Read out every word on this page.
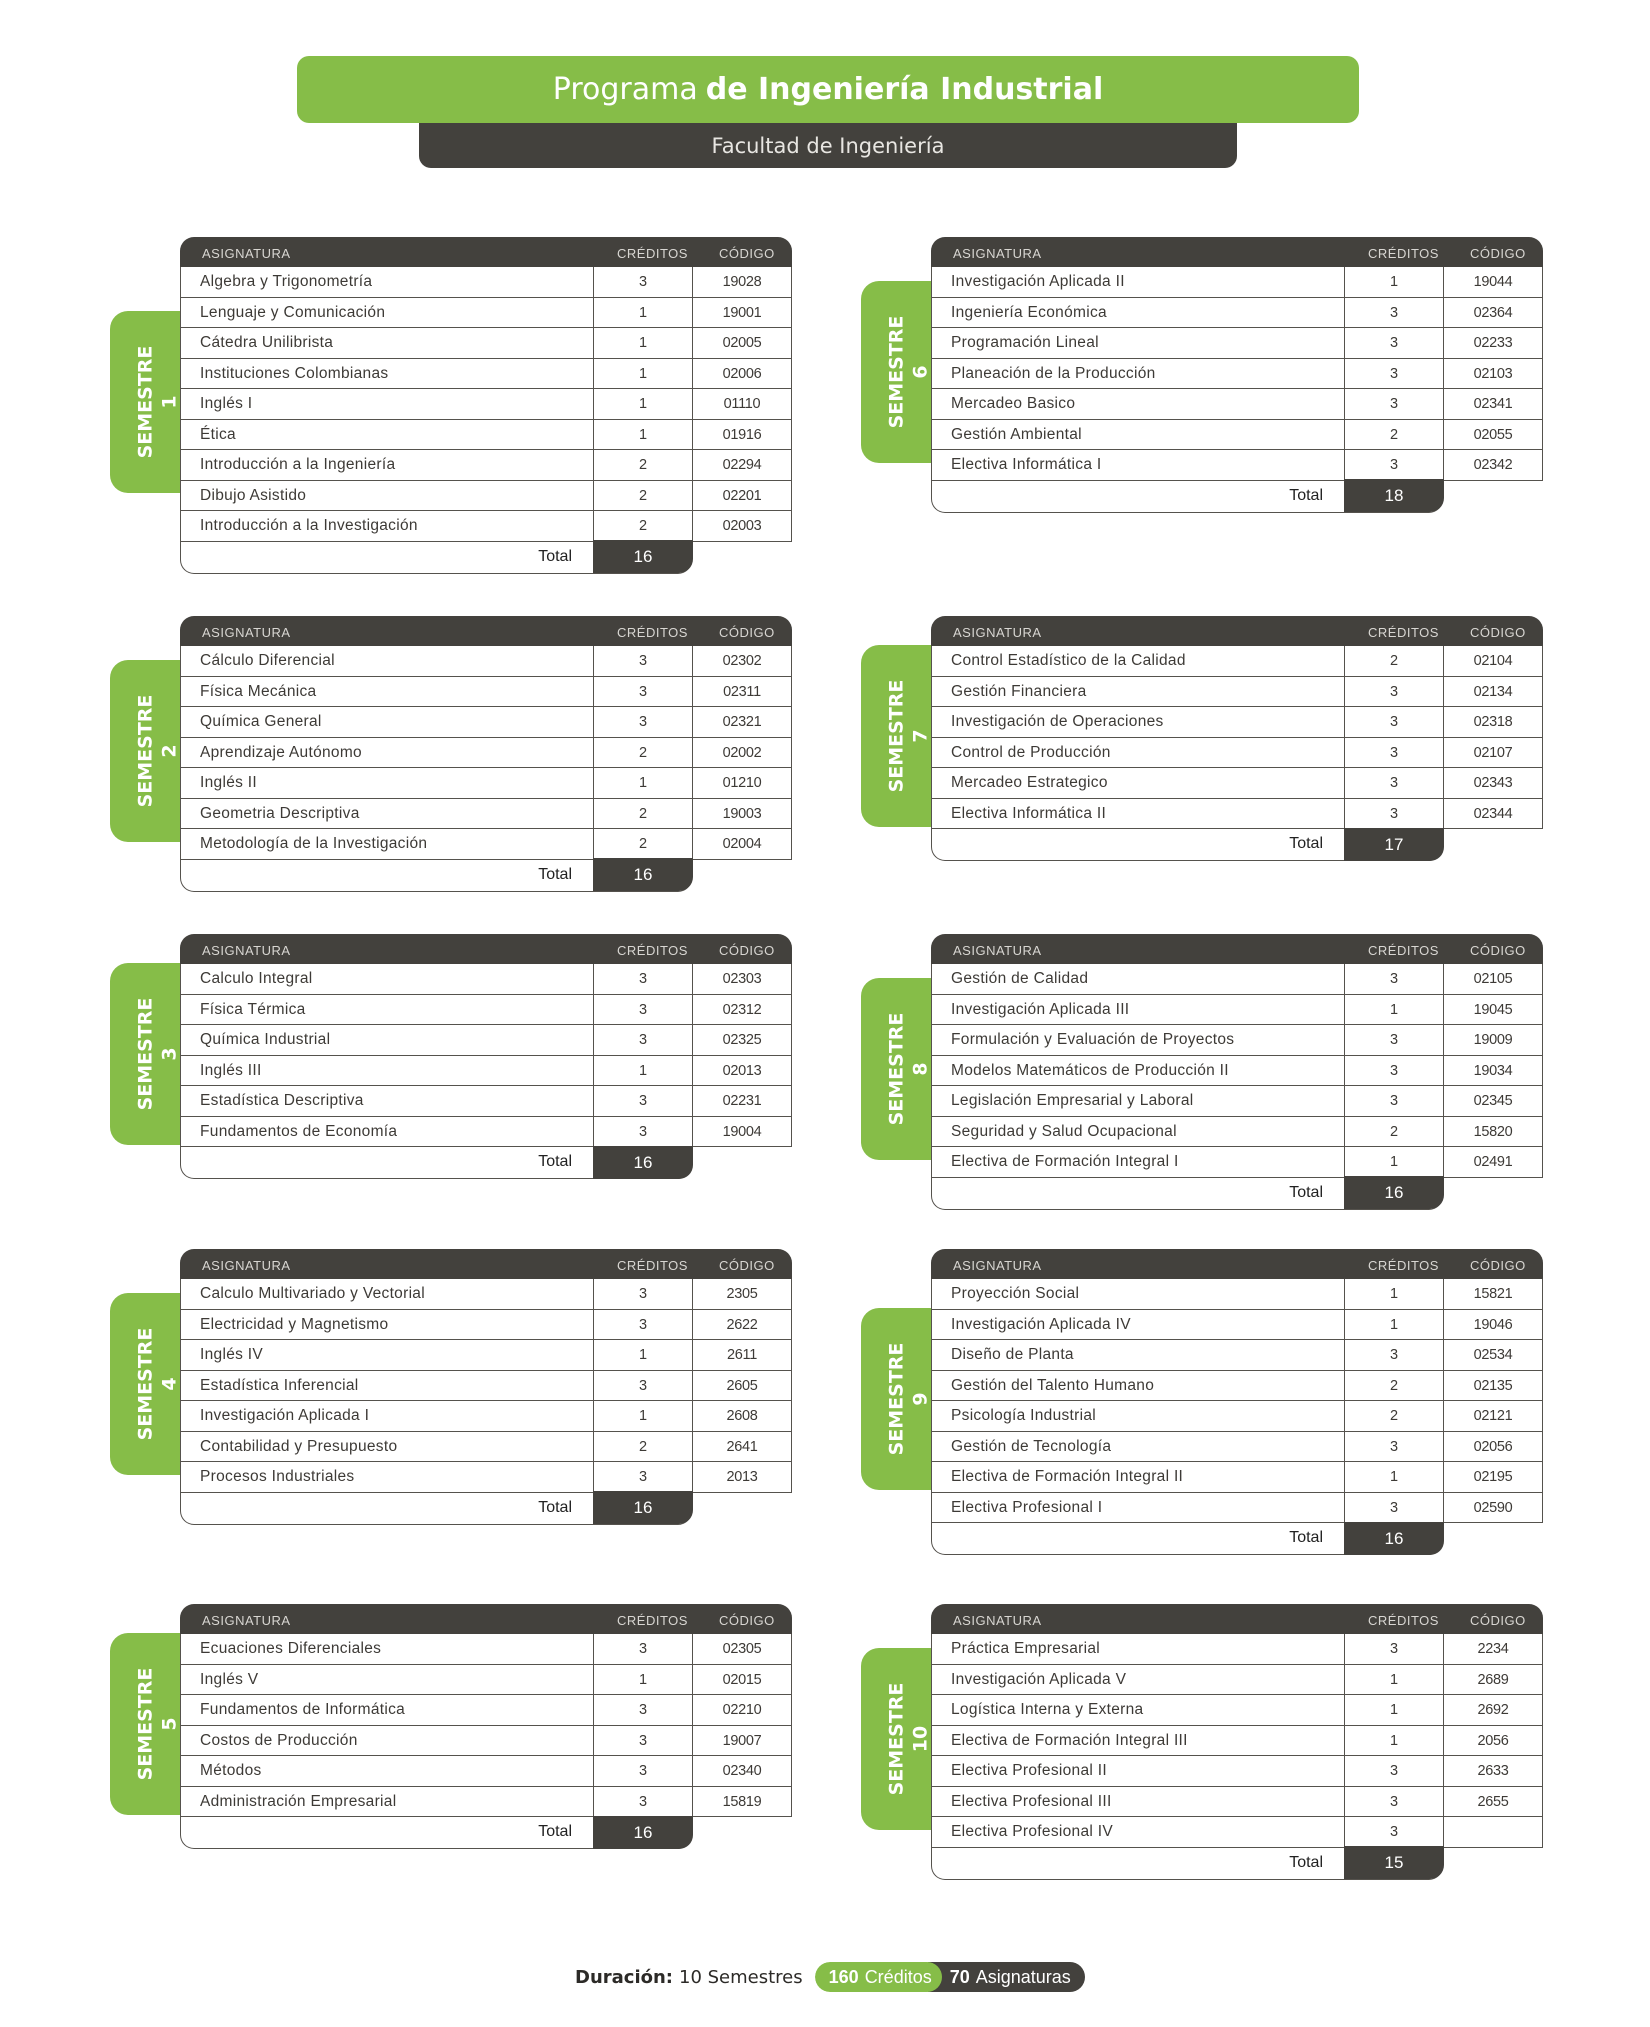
Programa de Ingeniería Industrial
Facultad de Ingeniería
SEMESTRE 1
ASIGNATURA	CRÉDITOS CÓDIGO
Algebra y Trigonometría	3	19028
Lenguaje y Comunicación	1	19001
Cátedra Unilibrista	1	02005
Instituciones Colombianas	1	02006
Inglés I	1	01110
Ética	1	01916
Introducción a la Ingeniería	2	02294
Dibujo Asistido	2	02201
Introducción a la Investigación	2	02003
Total	16
SEMESTRE 2
ASIGNATURA	CRÉDITOS CÓDIGO
Cálculo Diferencial	3	02302
Física Mecánica	3	02311
Química General	3	02321
Aprendizaje Autónomo	2	02002
Inglés II	1	01210
Geometria Descriptiva	2	19003
Metodología de la Investigación	2	02004
Total	16
SEMESTRE 3
ASIGNATURA	CRÉDITOS CÓDIGO
Calculo Integral	3	02303
Física Térmica	3	02312
Química Industrial	3	02325
Inglés III	1	02013
Estadística Descriptiva	3	02231
Fundamentos de Economía	3	19004
Total	16
SEMESTRE 4
ASIGNATURA	CRÉDITOS CÓDIGO
Calculo Multivariado y Vectorial	3	2305
Electricidad y Magnetismo	3	2622
Inglés IV	1	2611
Estadística Inferencial	3	2605
Investigación Aplicada I	1	2608
Contabilidad y Presupuesto	2	2641
Procesos Industriales	3	2013
Total	16
SEMESTRE 5
ASIGNATURA	CRÉDITOS CÓDIGO
Ecuaciones Diferenciales	3	02305
Inglés V	1	02015
Fundamentos de Informática	3	02210
Costos de Producción	3	19007
Métodos	3	02340
Administración Empresarial	3	15819
Total	16
SEMESTRE 6
ASIGNATURA	CRÉDITOS CÓDIGO
Investigación Aplicada II	1	19044
Ingeniería Económica	3	02364
Programación Lineal	3	02233
Planeación de la Producción	3	02103
Mercadeo Basico	3	02341
Gestión Ambiental	2	02055
Electiva Informática I	3	02342
Total	18
SEMESTRE 7
ASIGNATURA	CRÉDITOS CÓDIGO
Control Estadístico de la Calidad	2	02104
Gestión Financiera	3	02134
Investigación de Operaciones	3	02318
Control de Producción	3	02107
Mercadeo Estrategico	3	02343
Electiva Informática II	3	02344
Total	17
SEMESTRE 8
ASIGNATURA	CRÉDITOS CÓDIGO
Gestión de Calidad	3	02105
Investigación Aplicada III	1	19045
Formulación y Evaluación de Proyectos	3	19009
Modelos Matemáticos de Producción II	3	19034
Legislación Empresarial y Laboral	3	02345
Seguridad y Salud Ocupacional	2	15820
Electiva de Formación Integral I	1	02491
Total	16
SEMESTRE 9
ASIGNATURA	CRÉDITOS CÓDIGO
Proyección Social	1	15821
Investigación Aplicada IV	1	19046
Diseño de Planta	3	02534
Gestión del Talento Humano	2	02135
Psicología Industrial	2	02121
Gestión de Tecnología	3	02056
Electiva de Formación Integral II	1	02195
Electiva Profesional I	3	02590
Total	16
SEMESTRE 10
ASIGNATURA	CRÉDITOS CÓDIGO
Práctica Empresarial	3	2234
Investigación Aplicada V	1	2689
Logística Interna y Externa	1	2692
Electiva de Formación Integral III	1	2056
Electiva Profesional II	3	2633
Electiva Profesional III	3	2655
Electiva Profesional IV	3
Total	15
Duración: 10 Semestres 160 Créditos 70 Asignaturas
